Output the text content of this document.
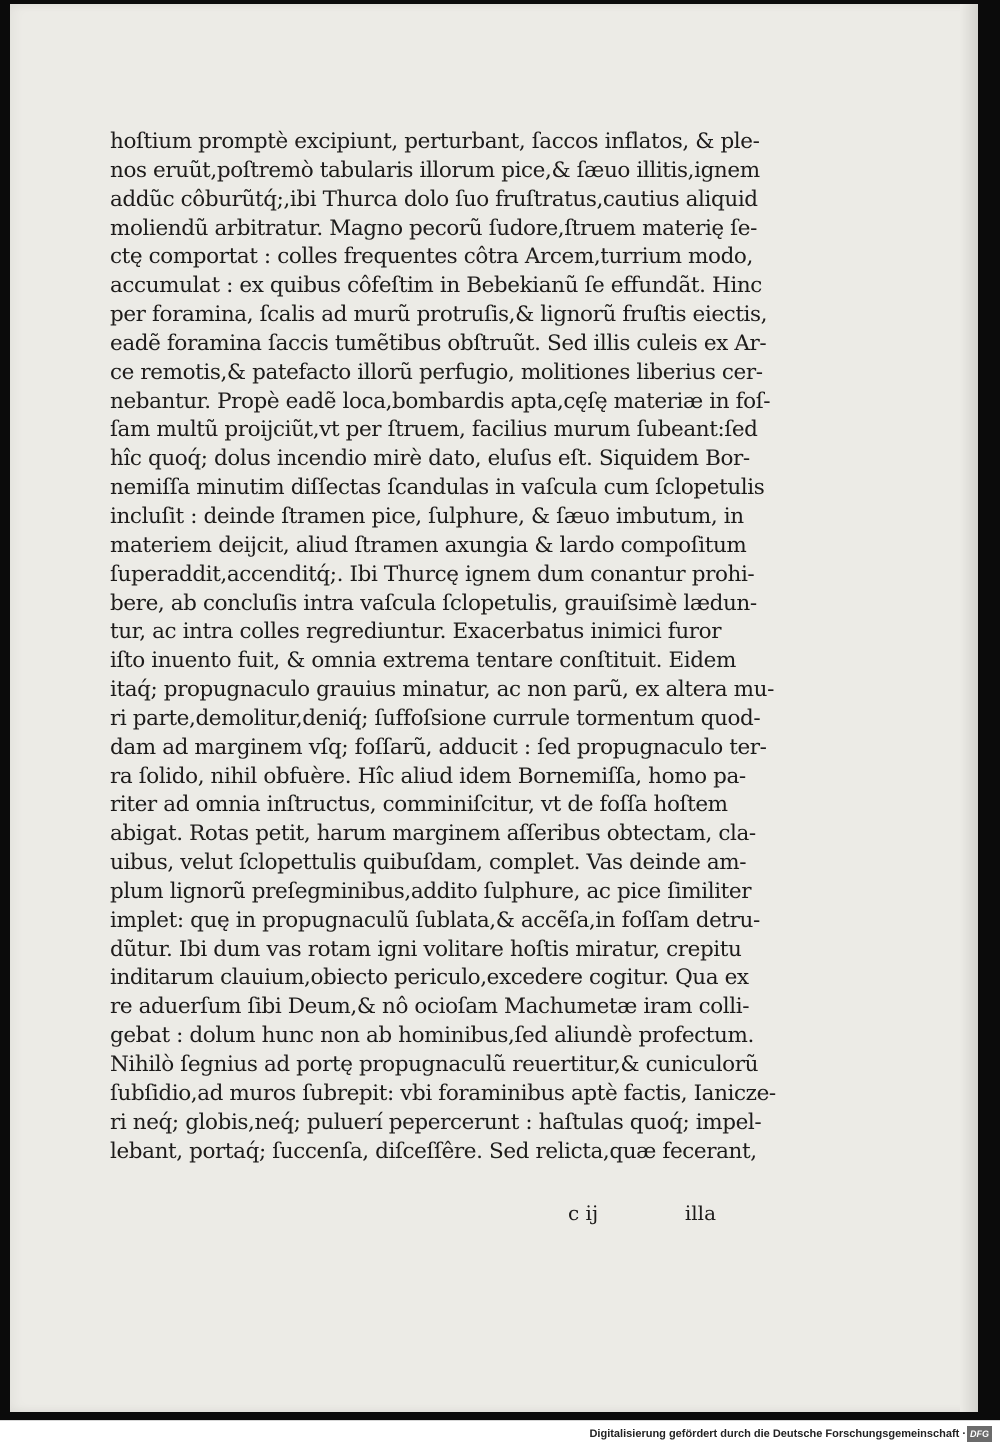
hoſtium promptè excipiunt, perturbant, ſaccos inflatos, & ple-
nos eruũt,poſtremò tabularis illorum pice,& ſæuo illitis,ignem
addũc côburũtq́;,ibi Thurca dolo ſuo fruſtratus,cautius aliquid
moliendũ arbitratur. Magno pecorũ ſudore,ſtruem materię ſe-
ctę comportat : colles frequentes côtra Arcem,turrium modo,
accumulat : ex quibus côfeſtim in Bebekianũ ſe effundãt. Hinc
per foramina, ſcalis ad murũ protruſis,& lignorũ fruſtis eiectis,
eadẽ foramina ſaccis tumẽtibus obſtruũt. Sed illis culeis ex Ar-
ce remotis,& patefacto illorũ perfugio, molitiones liberius cer-
nebantur. Propè eadẽ loca,bombardis apta,cęſę materiæ in foſ-
ſam multũ proijciũt,vt per ſtruem, facilius murum ſubeant:ſed
hîc quoq́; dolus incendio mirè dato, eluſus eſt. Siquidem Bor-
nemiſſa minutim diſſectas ſcandulas in vaſcula cum ſclopetulis
incluſit : deinde ſtramen pice, ſulphure, & ſæuo imbutum, in
materiem deijcit, aliud ſtramen axungia & lardo compoſitum
ſuperaddit,accenditq́;. Ibi Thurcę ignem dum conantur prohi-
bere, ab concluſis intra vaſcula ſclopetulis, grauiſsimè lædun-
tur, ac intra colles regrediuntur. Exacerbatus inimici furor
iſto inuento fuit, & omnia extrema tentare conſtituit. Eidem
itaq́; propugnaculo grauius minatur, ac non parũ, ex altera mu-
ri parte,demolitur,deniq́; ſuffoſsione currule tormentum quod-
dam ad marginem vſq; foſſarũ, adducit : ſed propugnaculo ter-
ra ſolido, nihil obfuère. Hîc aliud idem Bornemiſſa, homo pa-
riter ad omnia inſtructus, comminiſcitur, vt de foſſa hoſtem
abigat. Rotas petit, harum marginem aſſeribus obtectam, cla-
uibus, velut ſclopettulis quibuſdam, complet. Vas deinde am-
plum lignorũ preſegminibus,addito ſulphure, ac pice ſimiliter
implet: quę in propugnaculũ ſublata,& accẽſa,in foſſam detru-
dũtur. Ibi dum vas rotam igni volitare hoſtis miratur, crepitu
inditarum clauium,obiecto periculo,excedere cogitur. Qua ex
re aduerſum ſibi Deum,& nô ocioſam Machumetæ iram colli-
gebat : dolum hunc non ab hominibus,ſed aliundè profectum.
Nihilò ſegnius ad portę propugnaculũ reuertitur,& cuniculorũ
ſubſidio,ad muros ſubrepit: vbi foraminibus aptè factis, Ianicze-
ri neq́; globis,neq́; puluerí pepercerunt : haſtulas quoq́; impel-
lebant, portaq́; ſuccenſa, diſceſſêre. Sed relicta,quæ fecerant,
c ij	illa
Digitalisierung gefördert durch die Deutsche Forschungsgemeinschaft · DFG
